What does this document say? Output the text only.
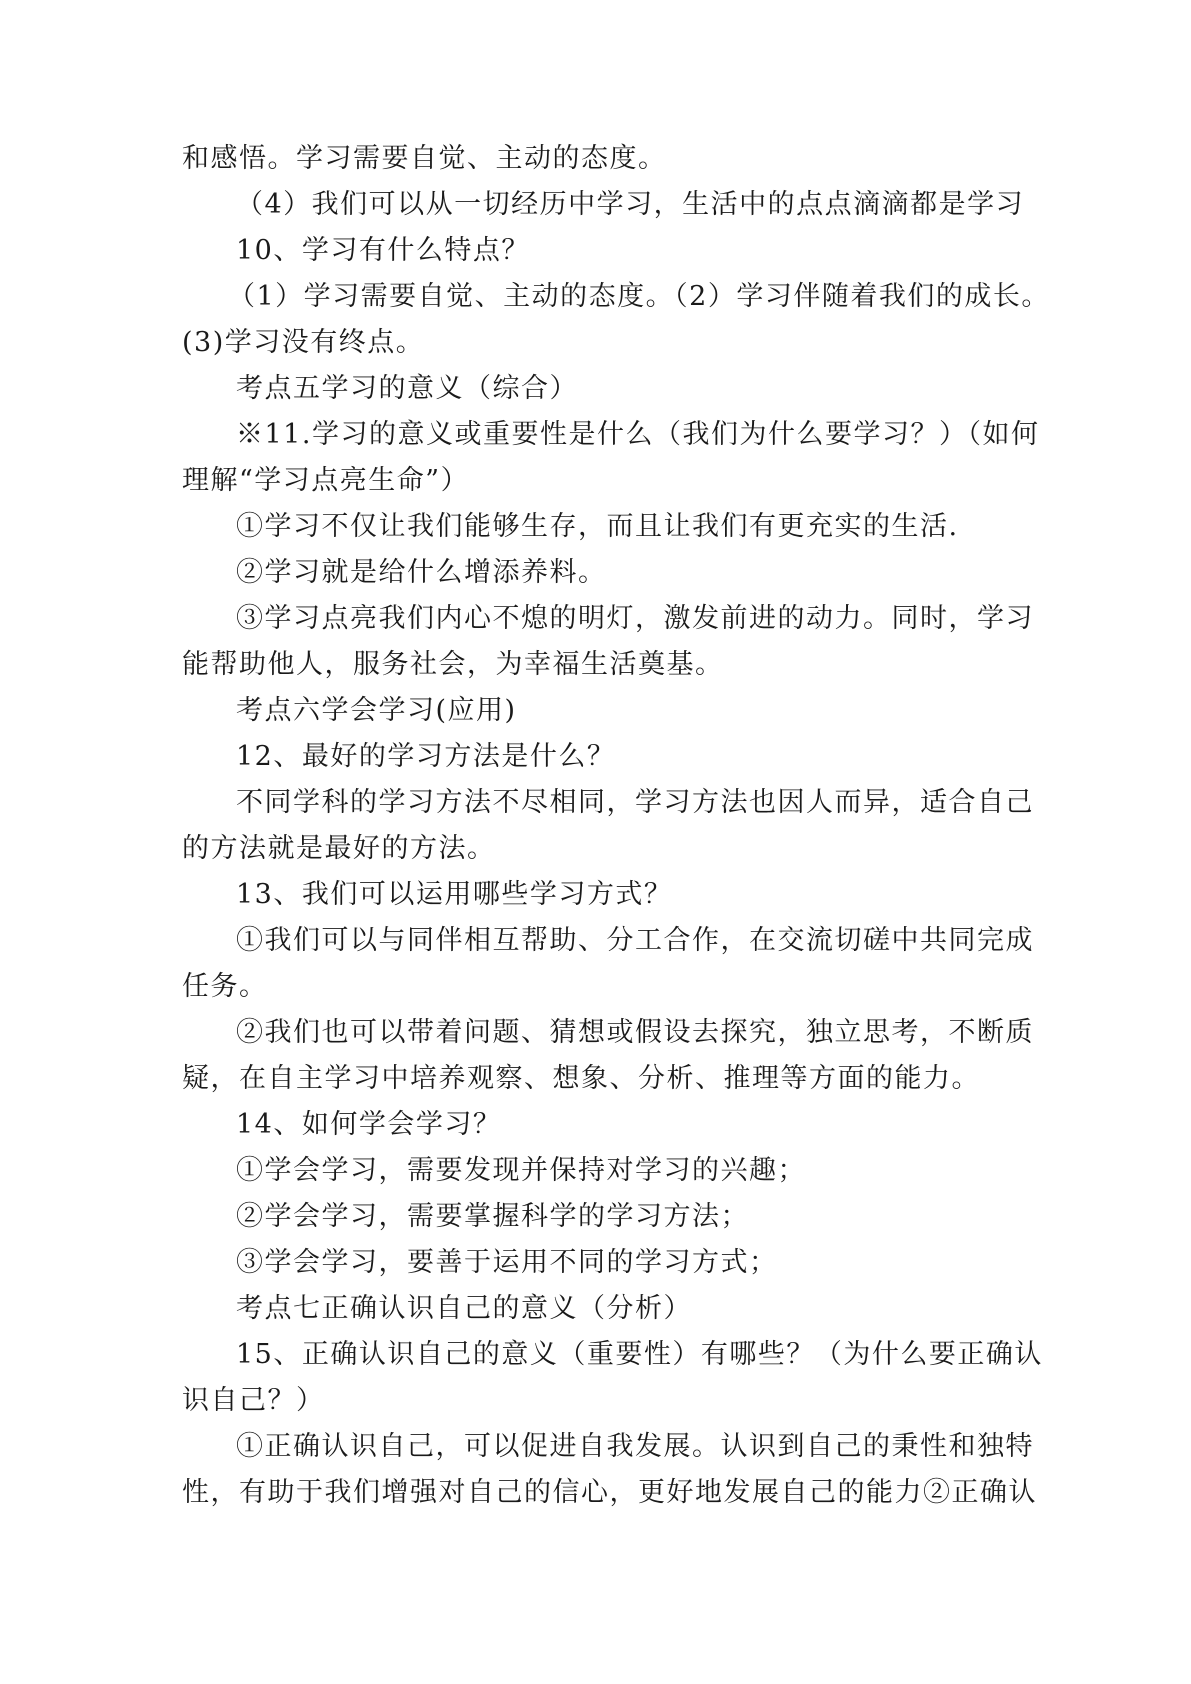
和感悟。学习需要自觉、主动的态度。
（4）我们可以从一切经历中学习，生活中的点点滴滴都是学习
10、学习有什么特点？
（1）学习需要自觉、主动的态度。（2）学习伴随着我们的成长。
(3)学习没有终点。
考点五学习的意义（综合）
※11.学习的意义或重要性是什么（我们为什么要学习？）（如何
理解“学习点亮生命”）
①学习不仅让我们能够生存，而且让我们有更充实的生活.
②学习就是给什么增添养料。
③学习点亮我们内心不熄的明灯，激发前进的动力。同时，学习
能帮助他人，服务社会，为幸福生活奠基。
考点六学会学习(应用)
12、最好的学习方法是什么？
不同学科的学习方法不尽相同，学习方法也因人而异，适合自己
的方法就是最好的方法。
13、我们可以运用哪些学习方式？
①我们可以与同伴相互帮助、分工合作，在交流切磋中共同完成
任务。
②我们也可以带着问题、猜想或假设去探究，独立思考，不断质
疑，在自主学习中培养观察、想象、分析、推理等方面的能力。
14、如何学会学习？
①学会学习，需要发现并保持对学习的兴趣；
②学会学习，需要掌握科学的学习方法；
③学会学习，要善于运用不同的学习方式；
考点七正确认识自己的意义（分析）
15、正确认识自己的意义（重要性）有哪些？（为什么要正确认
识自己？）
①正确认识自己，可以促进自我发展。认识到自己的秉性和独特
性，有助于我们增强对自己的信心，更好地发展自己的能力②正确认
